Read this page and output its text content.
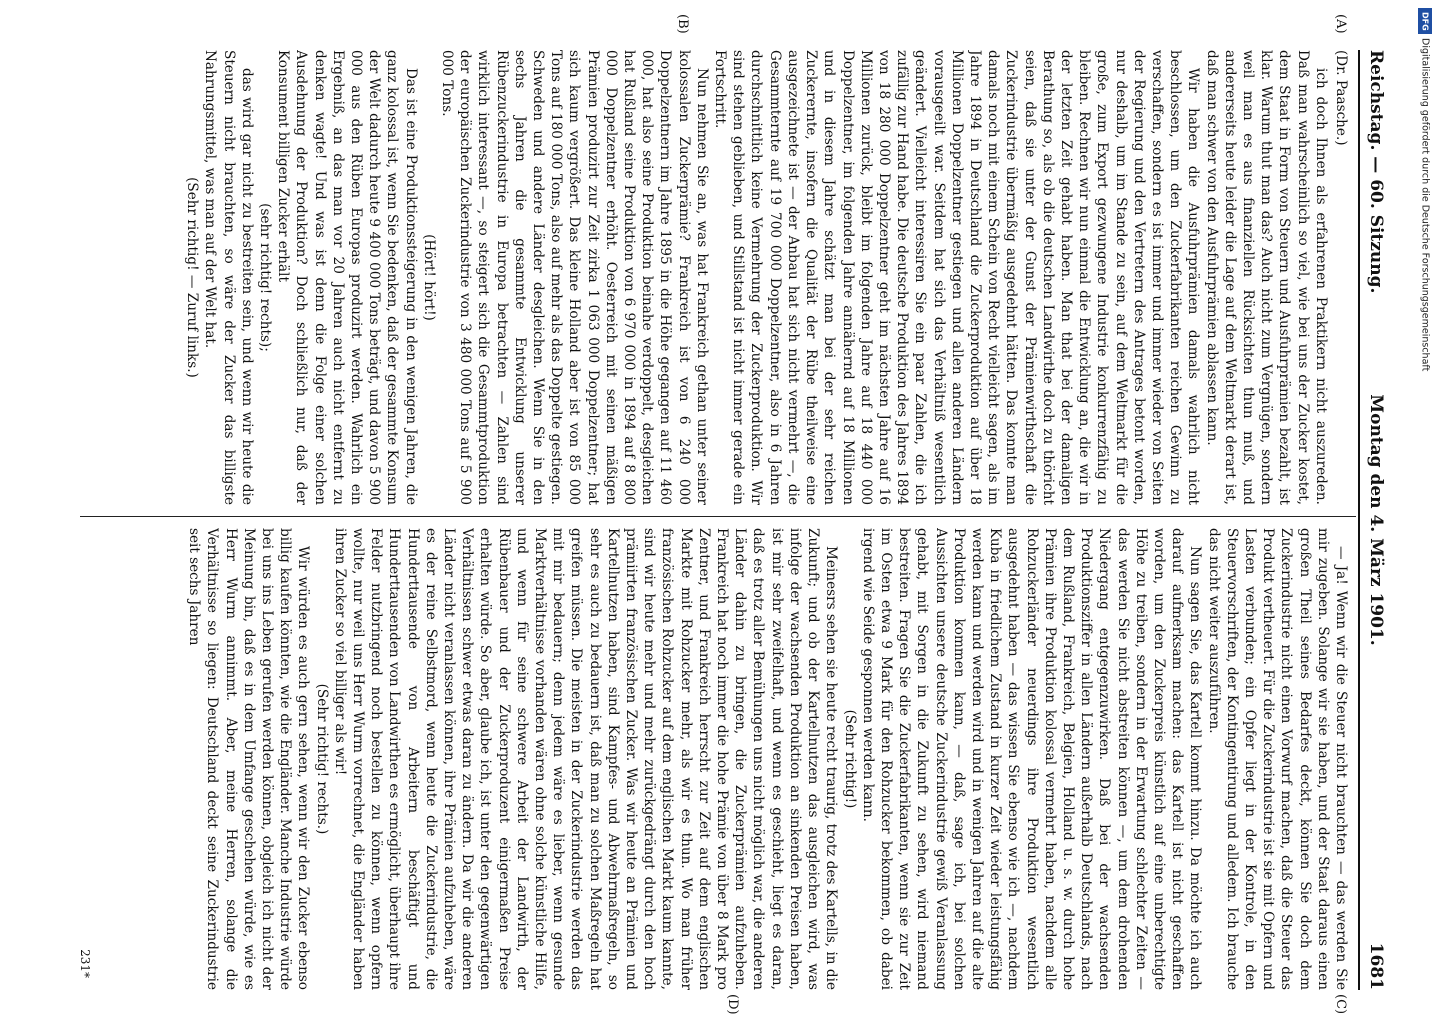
Reichstag. — 60. Sitzung.
Montag den 4. März 1901.
1681
(Dr. Paasche.)

ich doch Ihnen als erfahrenen Praktikern nicht auszureden. Daß man wahrscheinlich so viel, wie bei uns der Zucker kostet, dem Staat in Form von Steuern und Ausfuhrprämien bezahlt, ist klar. Warum thut man das? Auch nicht zum Vergnügen, sondern weil man es aus finanziellen Rücksichten thun muß, und andererseits heute leider die Lage auf dem Weltmarkt derart ist, daß man schwer von den Ausfuhrprämien ablassen kann.

Wir haben die Ausfuhrprämien damals wahrlich nicht beschlossen, um den Zuckerfabrikanten reichen Gewinn zu verschaffen, sondern es ist immer und immer wieder von Seiten der Regierung und den Vertretern des Antrages betont worden, nur deshalb, um im Stande zu sein, auf dem Weltmarkt für die große, zum Export gezwungene Industrie konkurrenzfähig zu bleiben. Rechnen wir nun einmal die Entwicklung an, die wir in der letzten Zeit gehabt haben. Man that bei der damaligen Berathung so, als ob die deutschen Landwirthe doch zu thöricht seien, daß sie unter der Gunst der Prämienwirthschaft die Zuckerindustrie übermäßig ausgedehnt hätten. Das konnte man damals noch mit einem Schein von Recht vielleicht sagen, als im Jahre 1894 in Deutschland die Zuckerproduktion auf über 18 Millionen Doppelzentner gestiegen und allen anderen Ländern vorausgeeilt war. Seitdem hat sich das Verhältniß wesentlich geändert. Vielleicht interessiren Sie ein paar Zahlen, die ich zufällig zur Hand habe. Die deutsche Produktion des Jahres 1894 von 18 280 000 Doppelzentner geht im nächsten Jahre auf 16 Millionen zurück, bleibt im folgenden Jahre auf 18 440 000 Doppelzentner, im folgenden Jahre annähernd auf 18 Millionen und in diesem Jahre schätzt man bei der sehr reichen Zuckerernte, insofern die Qualität der Rübe theilweise eine ausgezeichnete ist — der Anbau hat sich nicht vermehrt —, die Gesammternte auf 19 700 000 Doppelzentner, also in 6 Jahren durchschnittlich keine Vermehrung der Zuckerproduktion. Wir sind stehen geblieben, und Stillstand ist nicht immer gerade ein Fortschritt.

Nun nehmen Sie an, was hat Frankreich gethan unter seiner kolossalen Zuckerprämie? Frankreich ist von 6 240 000 Doppelzentnern im Jahre 1895 in die Höhe gegangen auf 11 460 000, hat also seine Produktion beinahe verdoppelt, desgleichen hat Rußland seine Produktion von 6 970 000 in 1894 auf 8 800 000 Doppelzentner erhöht. Oesterreich mit seinen mäßigen Prämien produzirt zur Zeit zirka 1 063 000 Doppelzentner; hat sich kaum vergrößert. Das kleine Holland aber ist von 85 000 Tons auf 180 000 Tons, also auf mehr als das Doppelte gestiegen. Schweden und andere Länder desgleichen. Wenn Sie in den sechs Jahren die gesammte Entwicklung unserer Rübenzuckerindustrie in Europa betrachten — Zahlen sind wirklich interessant —, so steigert sich die Gesammtproduktion der europäischen Zuckerindustrie von 3 480 000 Tons auf 5 900 000 Tons.

(Hört! hört!)

Das ist eine Produktionssteigerung in den wenigen Jahren, die ganz kolossal ist, wenn Sie bedenken, daß der gesammte Konsum der Welt dadurch heute 9 400 000 Tons beträgt, und davon 5 900 000 aus den Rüben Europas produzirt werden. Wahrlich ein Ergebniß, an das man vor 20 Jahren auch nicht entfernt zu denken wagte! Und was ist denn die Folge einer solchen Ausdehnung der Produktion? Doch schließlich nur, daß der Konsument billigen Zucker erhält

(sehr richtig! rechts);

das wird gar nicht zu bestreiten sein, und wenn wir heute die Steuern nicht brauchten, so wäre der Zucker das billigste Nahrungsmittel, was man auf der Welt hat.

(Sehr richtig! — Zuruf links.)

— Ja! Wenn wir die Steuer nicht brauchten — das werden Sie mir zugeben. Solange wir sie haben, und der Staat daraus einen großen Theil seines Bedarfes deckt, können Sie doch dem Zuckerindustrie nicht einen Vorwurf machen, daß die Steuer das Produkt vertheuert. Für die Zuckerindustrie ist sie mit Opfern und Lasten verbunden; ein Opfer liegt in der Kontrole, in den Steuervorschriften, der Kontingentirung und alledem. Ich brauche das nicht weiter auszuführen.

Nun sagen Sie, das Kartell kommt hinzu. Da möchte ich auch darauf aufmerksam machen: das Kartell ist nicht geschaffen worden, um den Zuckerpreis künstlich auf eine unberechtigte Höhe zu treiben, sondern in der Erwartung schlechter Zeiten — das werden Sie nicht abstreiten können —, um dem drohenden Niedergang entgegenzuwirken. Daß bei der wachsenden Produktionsziffer in allen Ländern außerhalb Deutschlands, nach dem Rußland, Frankreich, Belgien, Holland u. s. w. durch hohe Prämien ihre Produktion kolossal vermehrt haben, nachdem alle Rohzuckerländer neuerdings ihre Produktion wesentlich ausgedehnt haben — das wissen Sie ebenso wie ich —, nachdem Kuba in friedlichem Zustand in kurzer Zeit wieder leistungsfähig werden kann und werden wird und in wenigen Jahren auf die alte Produktion kommen kann, — daß, sage ich, bei solchen Aussichten unsere deutsche Zuckerindustrie gewiß Veranlassung gehabt, mit Sorgen in die Zukunft zu sehen, wird niemand bestreiten. Fragen Sie die Zuckerfabrikanten, wenn sie zur Zeit im Osten etwa 9 Mark für den Rohzucker bekommen, ob dabei irgend wie Seide gesponnen werden kann.

(Sehr richtig!)

Meinesrs sehen sie heute recht traurig, trotz des Kartells, in die Zukunft; und ob der Kartellnutzen das ausgleichen wird, was infolge der wachsenden Produktion an sinkenden Preisen haben, ist mir sehr zweifelhaft, und wenn es geschieht, liegt es daran, daß es trotz aller Bemühungen uns nicht möglich war, die anderen Länder dahin zu bringen, die Zuckerprämien aufzuheben. Frankreich hat noch immer die hohe Prämie von über 8 Mark pro Zentner, und Frankreich herrscht zur Zeit auf dem englischen Markte mit Rohzucker mehr, als wir es thun. Wo man früher französischen Rohzucker auf dem englischen Markt kaum kannte, sind wir heute mehr und mehr zurückgedrängt durch den hoch prämiirten französischen Zucker. Was wir heute an Prämien und Kartellnutzen haben, sind Kampfes- und Abwehrmaßregeln, so sehr es auch zu bedauern ist, daß man zu solchen Maßregeln hat greifen müssen. Die meisten in der Zuckerindustrie werden das mit mir bedauern; denn jedem wäre es lieber, wenn gesunde Marktverhältnisse vorhanden wären ohne solche künstliche Hilfe, und wenn für seine schwere Arbeit der Landwirth, der Rübenbauer und der Zuckerproduzent einigermaßen Preise erhalten würde. So aber, glaube ich, ist unter den gegenwärtigen Verhältnissen schwer etwas daran zu ändern. Da wir die anderen Länder nicht veranlassen können, ihre Prämien aufzuheben, wäre es der reine Selbstmord, wenn heute die Zuckerindustrie, die Hunderttausende von Arbeitern beschäftigt und Hunderttausenden von Landwirthen es ermöglicht, überhaupt ihre Felder nutzbringend noch bestellen zu können, wenn opfern wollte, nur weil uns Herr Wurm vorrechnet, die Engländer haben ihren Zucker so viel billiger als wir!

(Sehr richtig! rechts.)

Wir würden es auch gern sehen, wenn wir den Zucker ebenso billig kaufen könnten, wie die Engländer. Manche Industrie würde bei uns ins Leben gerufen werden können, obgleich ich nicht der Meinung bin, daß es in dem Umfange geschehen würde, wie es Herr Wurm annimmt. Aber, meine Herren, solange die Verhältnisse so liegen: Deutschland deckt seine Zuckerindustrie seit sechs Jahren

(A)
(B)
(C)
(D)
231*
DFG
Digitalisierung gefördert durch die Deutsche Forschungsgemeinschaft
